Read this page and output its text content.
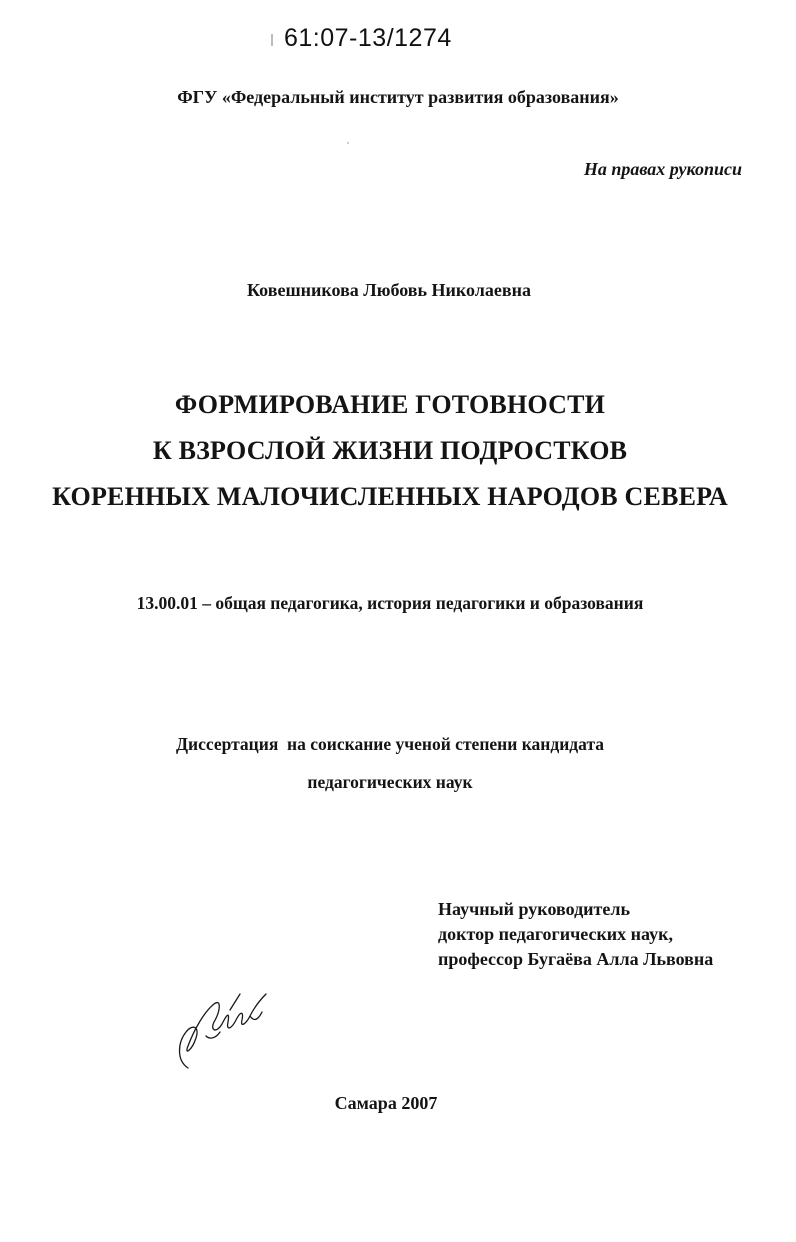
61:07-13/1274
ФГУ «Федеральный институт развития образования»
На правах рукописи
Ковешникова Любовь Николаевна
ФОРМИРОВАНИЕ ГОТОВНОСТИ
К ВЗРОСЛОЙ ЖИЗНИ ПОДРОСТКОВ
КОРЕННЫХ МАЛОЧИСЛЕННЫХ НАРОДОВ СЕВЕРА
13.00.01 – общая педагогика, история педагогики и образования
Диссертация  на соискание ученой степени кандидата
педагогических наук
Научный руководитель
доктор педагогических наук,
профессор Бугаёва Алла Львовна
Самара 2007
